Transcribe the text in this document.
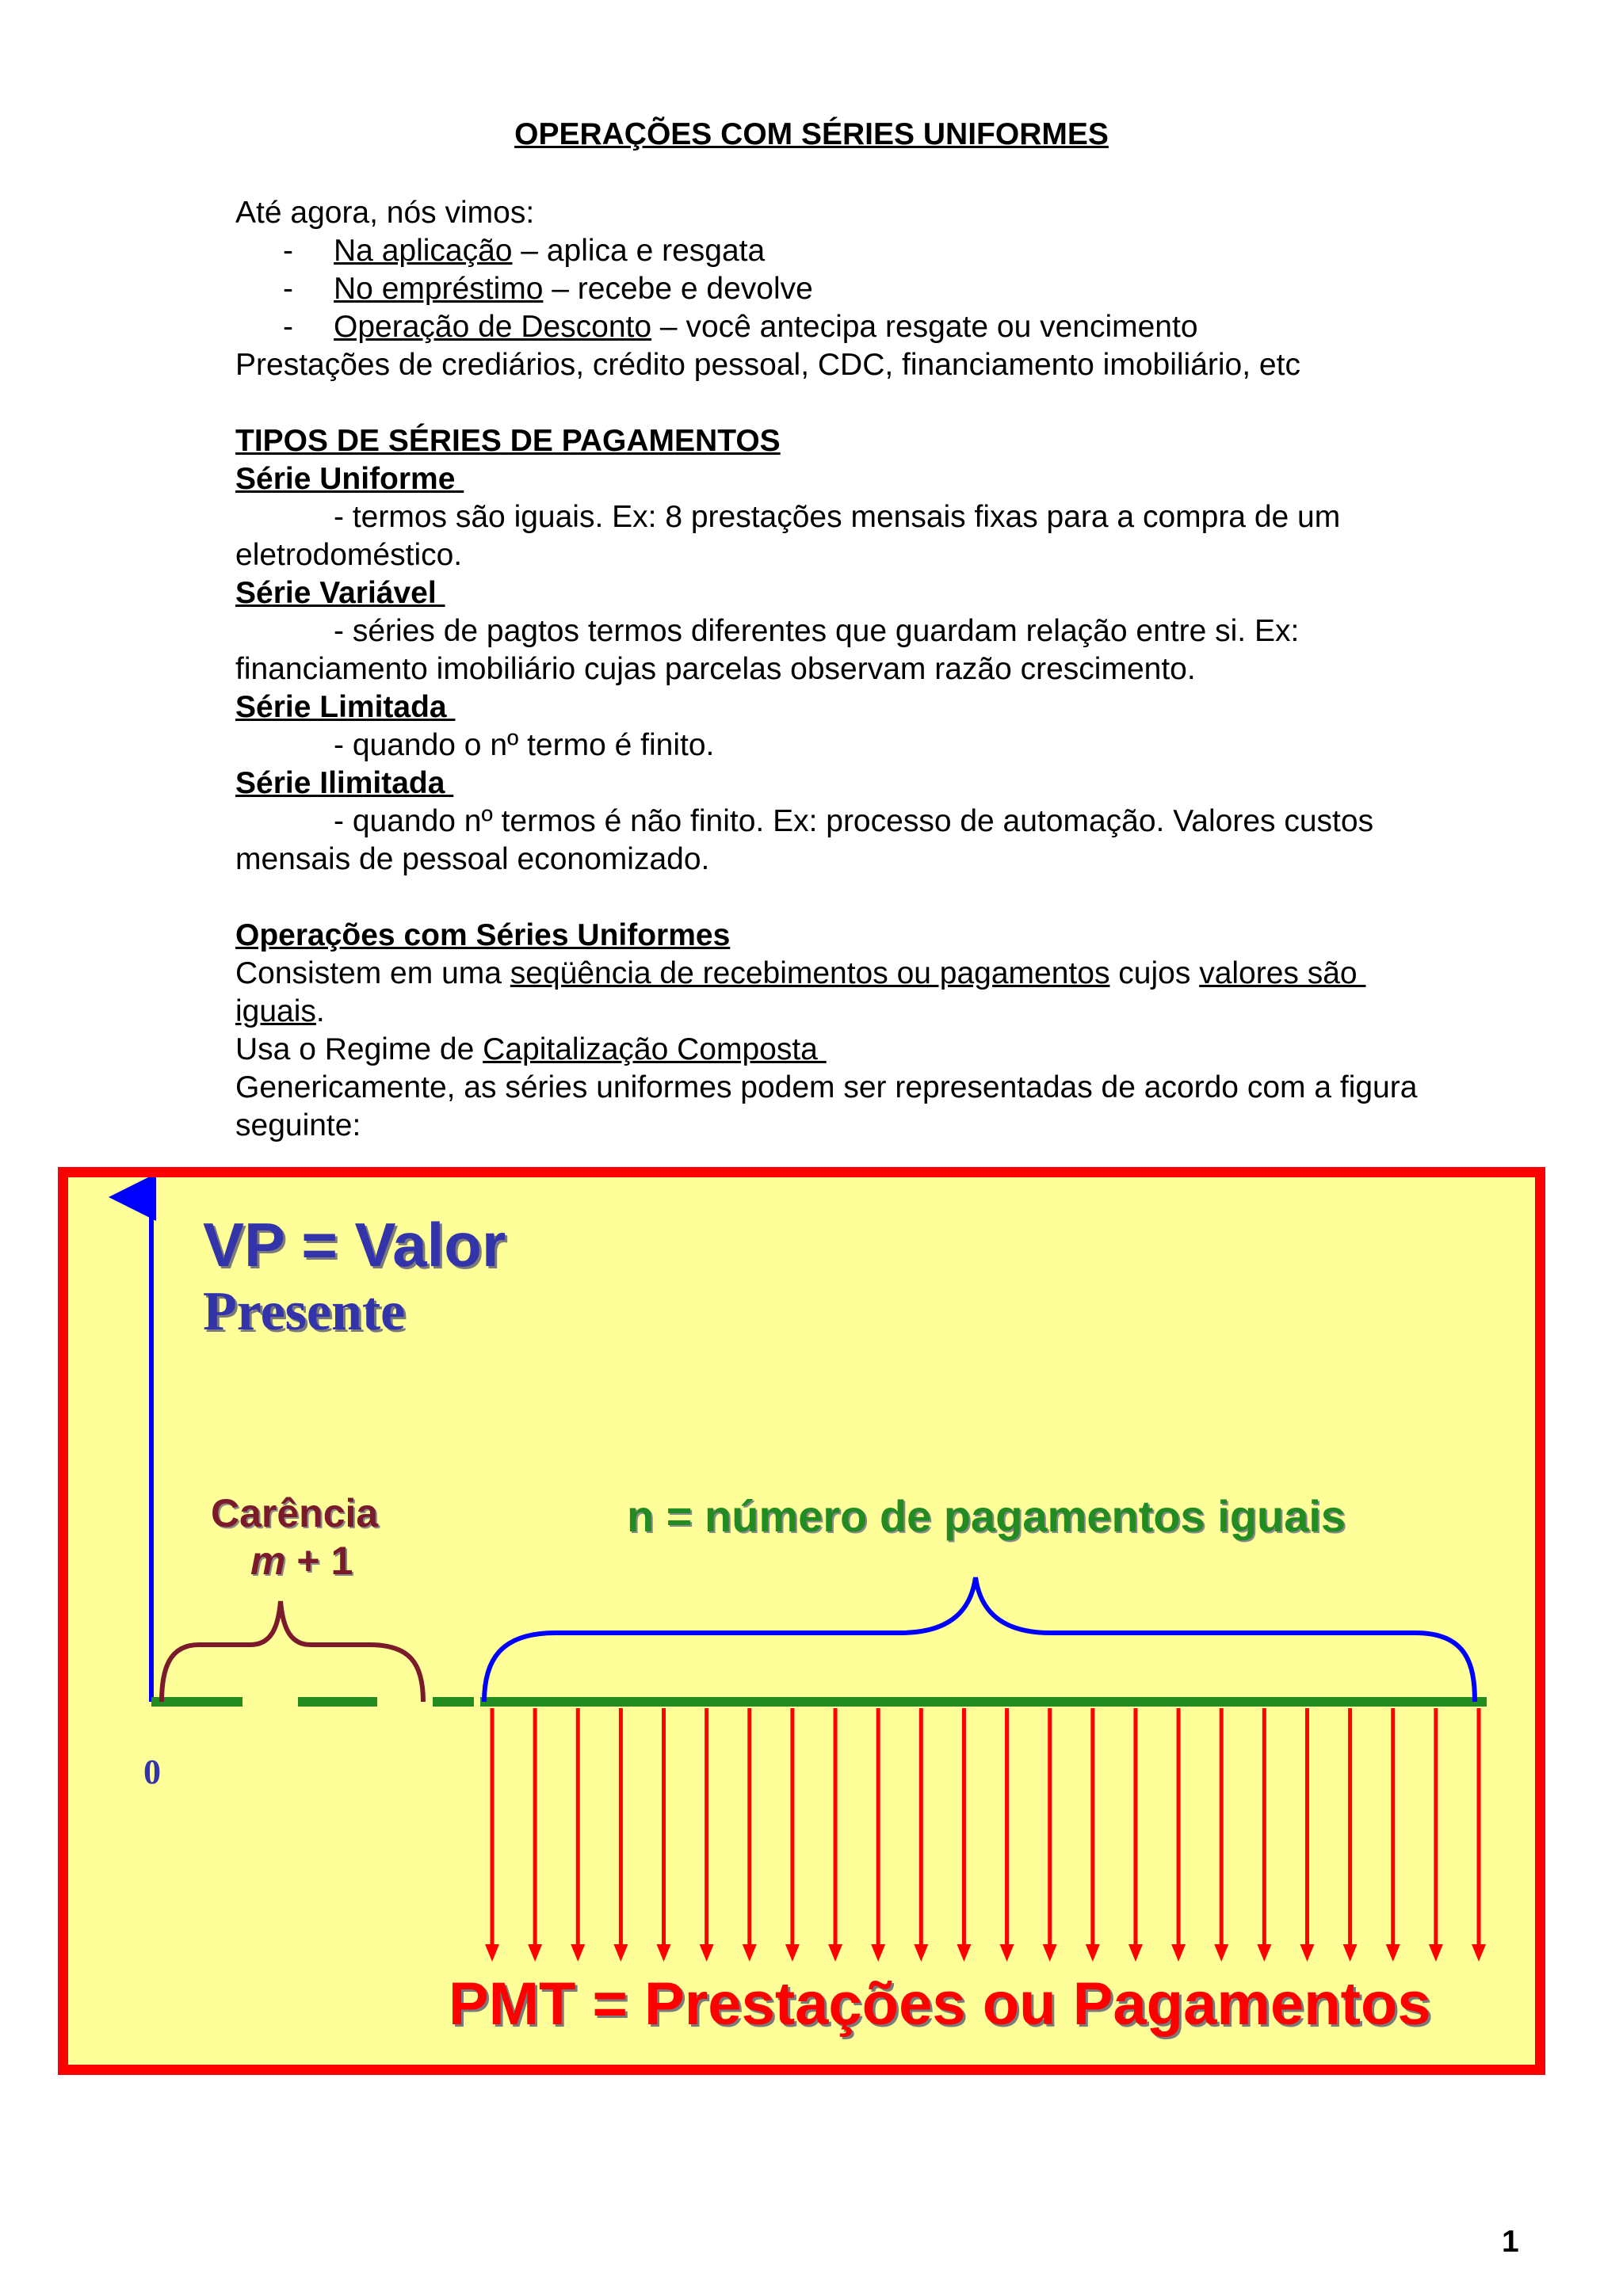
OPERAÇÕES COM SÉRIES UNIFORMES
Até agora, nós vimos:
- Na aplicação – aplica e resgata
- No empréstimo – recebe e devolve
- Operação de Desconto – você antecipa resgate ou vencimento
Prestações de crediários, crédito pessoal, CDC, financiamento imobiliário, etc
TIPOS DE SÉRIES DE PAGAMENTOS
Série Uniforme
- termos são iguais. Ex: 8 prestações mensais fixas para a compra de um
eletrodoméstico.
Série Variável
- séries de pagtos termos diferentes que guardam relação entre si. Ex:
financiamento imobiliário cujas parcelas observam razão crescimento.
Série Limitada
- quando o nº termo é finito.
Série Ilimitada
- quando nº termos é não finito. Ex: processo de automação. Valores custos
mensais de pessoal economizado.
Operações com Séries Uniformes
Consistem em uma seqüência de recebimentos ou pagamentos cujos valores são
iguais.
Usa o Regime de Capitalização Composta
Genericamente, as séries uniformes podem ser representadas de acordo com a figura
seguinte:
VP = Valor
Presente
Carência
m + 1
n = número de pagamentos iguais
0
PMT = Prestações ou Pagamentos
1
